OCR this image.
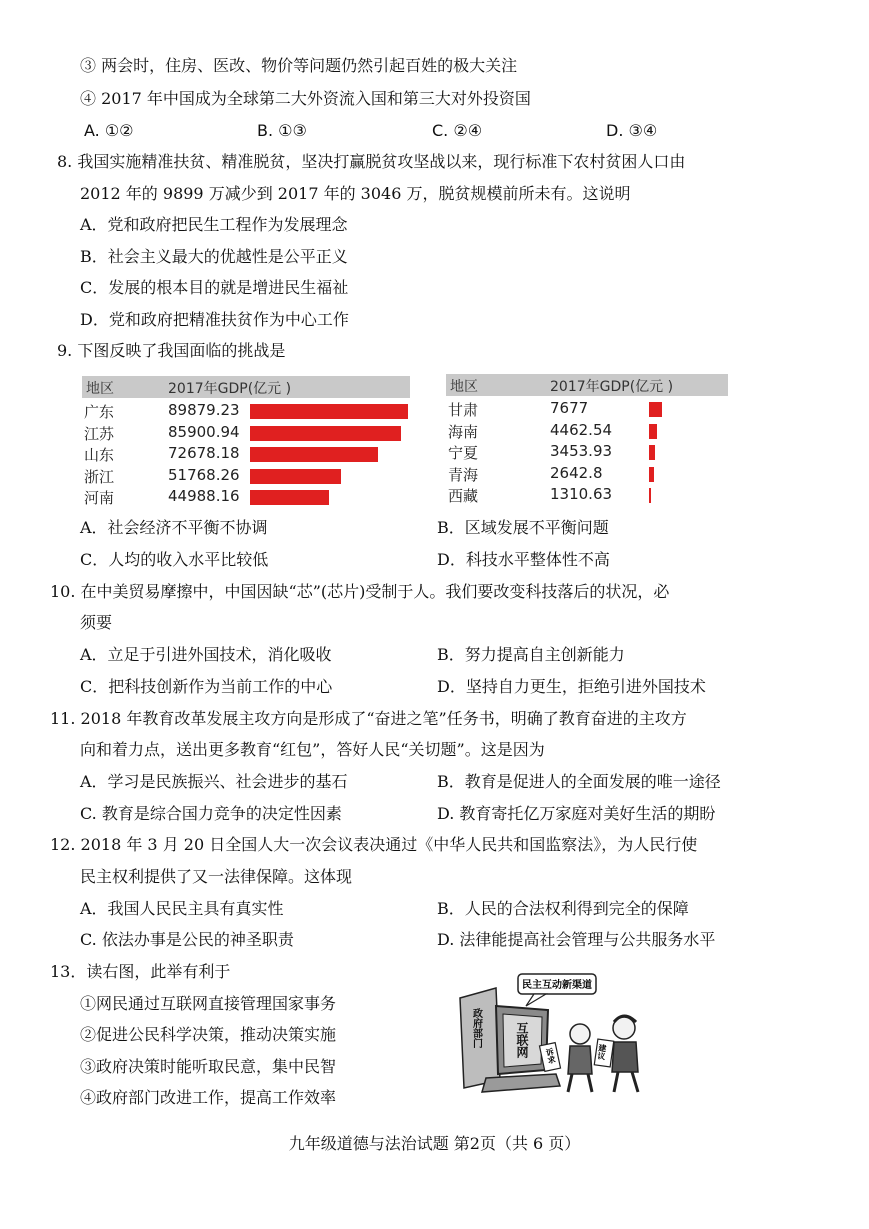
③ 两会时，住房、医改、物价等问题仍然引起百姓的极大关注
④ 2017 年中国成为全球第二大外资流入国和第三大对外投资国
A. ①②	B. ①③	C. ②④	D. ③④
8. 我国实施精准扶贫、精准脱贫，坚决打赢脱贫攻坚战以来，现行标准下农村贫困人口由
2012 年的 9899 万减少到 2017 年的 3046 万，脱贫规模前所未有。这说明
A．党和政府把民生工程作为发展理念
B．社会主义最大的优越性是公平正义
C．发展的根本目的就是增进民生福祉
D．党和政府把精准扶贫作为中心工作
9. 下图反映了我国面临的挑战是
地区	2017年GDP(亿元 )
广东	89879.23
江苏	85900.94
山东	72678.18
浙江	51768.26
河南	44988.16
地区	2017年GDP(亿元 )
甘肃	7677
海南	4462.54
宁夏	3453.93
青海	2642.8
西藏	1310.63
A．社会经济不平衡不协调	B．区域发展不平衡问题
C．人均的收入水平比较低	D．科技水平整体性不高
10. 在中美贸易摩擦中，中国因缺“芯”(芯片)受制于人。我们要改变科技落后的状况，必
须要
A．立足于引进外国技术，消化吸收	B．努力提高自主创新能力
C．把科技创新作为当前工作的中心	D．坚持自力更生，拒绝引进外国技术
11. 2018 年教育改革发展主攻方向是形成了“奋进之笔”任务书，明确了教育奋进的主攻方
向和着力点，送出更多教育“红包”，答好人民“关切题”。这是因为
A．学习是民族振兴、社会进步的基石	B．教育是促进人的全面发展的唯一途径
C. 教育是综合国力竞争的决定性因素	D. 教育寄托亿万家庭对美好生活的期盼
12. 2018 年 3 月 20 日全国人大一次会议表决通过《中华人民共和国监察法》，为人民行使
民主权利提供了又一法律保障。这体现
A．我国人民民主具有真实性	B．人民的合法权利得到完全的保障
C. 依法办事是公民的神圣职责	D. 法律能提高社会管理与公共服务水平
13．读右图，此举有利于
①网民通过互联网直接管理国家事务
②促进公民科学决策，推动决策实施
③政府决策时能听取民意，集中民智
④政府部门改进工作，提高工作效率
民主互动新渠道
政府部门	互联网 诉求	建议
九年级道德与法治试题 第2页（共 6 页）
